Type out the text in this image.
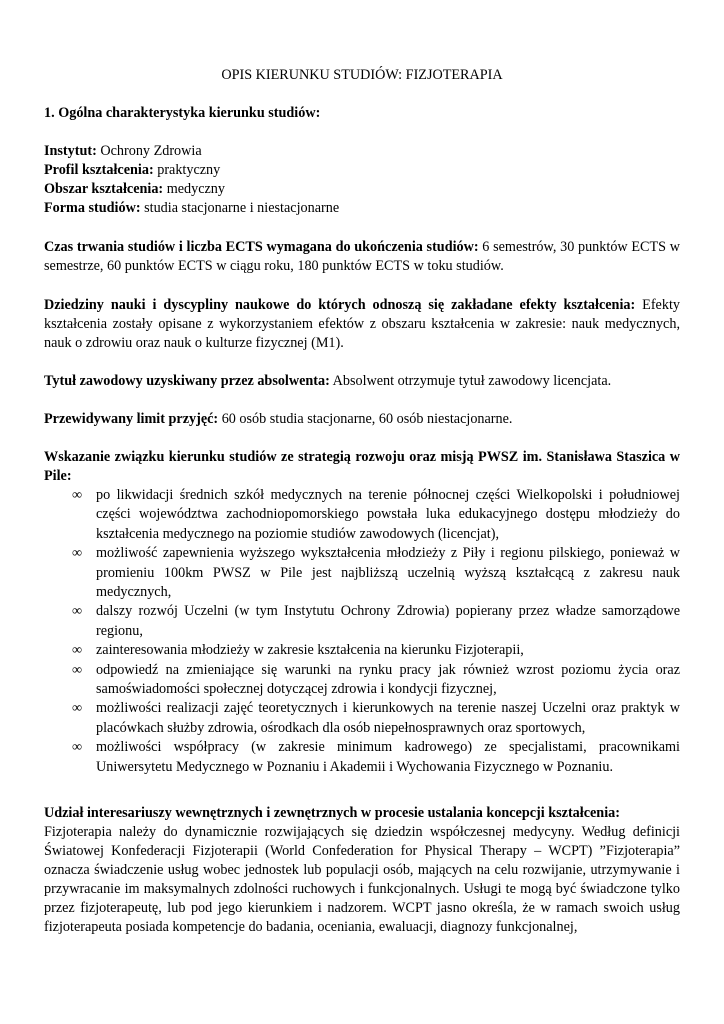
OPIS KIERUNKU STUDIÓW: FIZJOTERAPIA

1. Ogólna charakterystyka kierunku studiów:

Instytut: Ochrony Zdrowia

Profil kształcenia: praktyczny

Obszar kształcenia: medyczny

Forma studiów: studia stacjonarne i niestacjonarne

Czas trwania studiów i liczba ECTS wymagana do ukończenia studiów: 6 semestrów, 30 punktów ECTS w semestrze, 60 punktów ECTS w ciągu roku, 180 punktów ECTS w toku studiów.

Dziedziny nauki i dyscypliny naukowe do których odnoszą się zakładane efekty kształcenia: Efekty kształcenia zostały opisane z wykorzystaniem efektów z obszaru kształcenia w zakresie: nauk medycznych, nauk o zdrowiu oraz nauk o kulturze fizycznej (M1).

Tytuł zawodowy uzyskiwany przez absolwenta: Absolwent otrzymuje tytuł zawodowy licencjata.

Przewidywany limit przyjęć: 60 osób studia stacjonarne, 60 osób niestacjonarne.

Wskazanie związku kierunku studiów ze strategią rozwoju oraz misją PWSZ im. Stanisława Staszica w Pile:

∞ po likwidacji średnich szkół medycznych na terenie północnej części Wielkopolski i południowej części województwa zachodniopomorskiego powstała luka edukacyjnego dostępu młodzieży do kształcenia medycznego na poziomie studiów zawodowych (licencjat),
∞ możliwość zapewnienia wyższego wykształcenia młodzieży z Piły i regionu pilskiego, ponieważ w promieniu 100km PWSZ w Pile jest najbliższą uczelnią wyższą kształcącą z zakresu nauk medycznych,
∞ dalszy rozwój Uczelni (w tym Instytutu Ochrony Zdrowia) popierany przez władze samorządowe regionu,
∞ zainteresowania młodzieży w zakresie kształcenia na kierunku Fizjoterapii,
∞ odpowiedź na zmieniające się warunki na rynku pracy jak również wzrost poziomu życia oraz samoświadomości społecznej dotyczącej zdrowia i kondycji fizycznej,
∞ możliwości realizacji zajęć teoretycznych i kierunkowych na terenie naszej Uczelni oraz praktyk w placówkach służby zdrowia, ośrodkach dla osób niepełnosprawnych oraz sportowych,
∞ możliwości współpracy (w zakresie minimum kadrowego) ze specjalistami, pracownikami Uniwersytetu Medycznego w Poznaniu i Akademii i Wychowania Fizycznego w Poznaniu.

Udział interesariuszy wewnętrznych i zewnętrznych w procesie ustalania koncepcji kształcenia:

Fizjoterapia należy do dynamicznie rozwijających się dziedzin współczesnej medycyny. Według definicji Światowej Konfederacji Fizjoterapii (World Confederation for Physical Therapy – WCPT) ”Fizjoterapia” oznacza świadczenie usług wobec jednostek lub populacji osób, mających na celu rozwijanie, utrzymywanie i przywracanie im maksymalnych zdolności ruchowych i funkcjonalnych. Usługi te mogą być świadczone tylko przez fizjoterapeutę, lub pod jego kierunkiem i nadzorem. WCPT jasno określa, że w ramach swoich usług fizjoterapeuta posiada kompetencje do badania, oceniania, ewaluacji, diagnozy funkcjonalnej,
